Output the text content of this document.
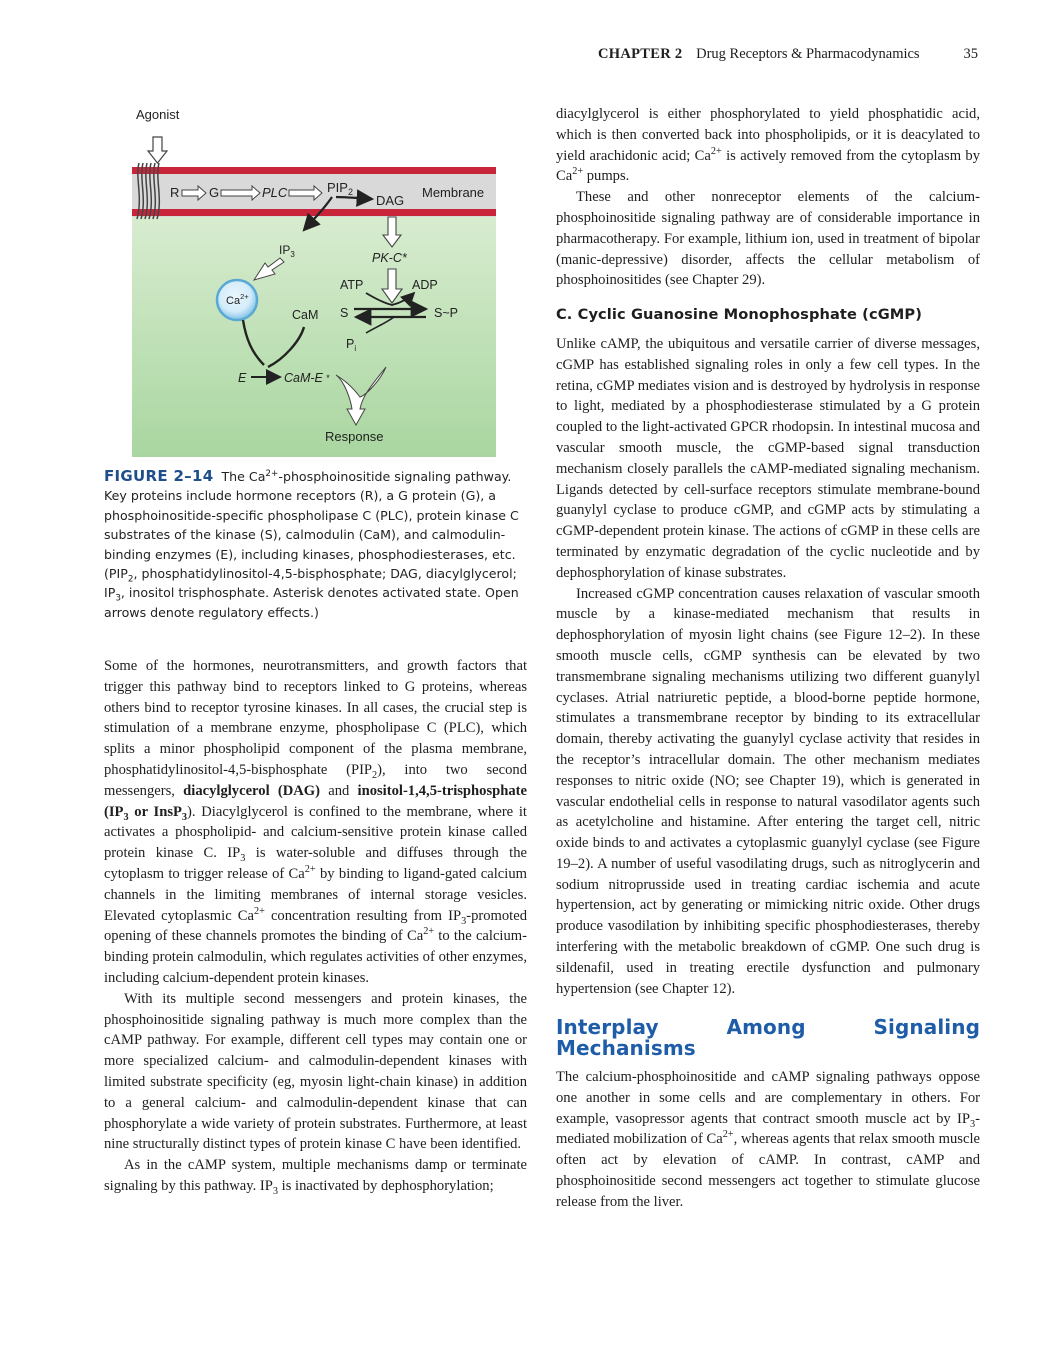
CHAPTER 2 Drug Receptors & Pharmacodynamics	35
Agonist
R G	PLC	$PIP_2$
DAG
Membrane
$IP_3$	PK-C*
ATP	ADP
S	S~P
$P_i$
$Ca^{2+}$
CaM
E	CaM-E *
Response
FIGURE 2–14 The $Ca^{2+}$-phosphoinositide signaling pathway. Key proteins include hormone receptors (R), a G protein (G), a phosphoinositide-specific phospholipase C (PLC), protein kinase C substrates of the kinase (S), calmodulin (CaM), and calmodulin-binding enzymes (E), including kinases, phosphodiesterases, etc. ($PIP_2$, phosphatidylinositol-4,5-bisphosphate; DAG, diacylglycerol; $IP_3$, inositol trisphosphate. Asterisk denotes activated state. Open arrows denote regulatory effects.)

Some of the hormones, neurotransmitters, and growth factors that trigger this pathway bind to receptors linked to G proteins, whereas others bind to receptor tyrosine kinases. In all cases, the crucial step is stimulation of a membrane enzyme, phospholipase C (PLC), which splits a minor phospholipid component of the plasma membrane, phosphatidylinositol-4,5-bisphosphate $(PIP_2)$, into two second messengers, diacylglycerol (DAG) and inositol-1,4,5-trisphosphate ($IP_3$ or InsP$_3$). Diacylglycerol is confined to the membrane, where it activates a phospholipid- and calcium-sensitive protein kinase called protein kinase C. $IP_3$ is water-soluble and diffuses through the cytoplasm to trigger release of $Ca^{2+}$ by binding to ligand-gated calcium channels in the limiting membranes of internal storage vesicles. Elevated cytoplasmic $Ca^{2+}$ concentration resulting from $IP_3$-promoted opening of these channels promotes the binding of $Ca^{2+}$ to the calcium-binding protein calmodulin, which regulates activities of other enzymes, including calcium-dependent protein kinases.

With its multiple second messengers and protein kinases, the phosphoinositide signaling pathway is much more complex than the cAMP pathway. For example, different cell types may contain one or more specialized calcium- and calmodulin-dependent kinases with limited substrate specificity (eg, myosin light-chain kinase) in addition to a general calcium- and calmodulin-dependent kinase that can phosphorylate a wide variety of protein substrates. Furthermore, at least nine structurally distinct types of protein kinase C have been identified.

As in the cAMP system, multiple mechanisms damp or terminate signaling by this pathway. $IP_3$ is inactivated by dephosphorylation;

diacylglycerol is either phosphorylated to yield phosphatidic acid, which is then converted back into phospholipids, or it is deacylated to yield arachidonic acid; $Ca^{2+}$ is actively removed from the cytoplasm by $Ca^{2+}$ pumps.

These and other nonreceptor elements of the calcium-phosphoinositide signaling pathway are of considerable importance in pharmacotherapy. For example, lithium ion, used in treatment of bipolar (manic-depressive) disorder, affects the cellular metabolism of phosphoinositides (see Chapter 29).

C. Cyclic Guanosine Monophosphate (cGMP)

Unlike cAMP, the ubiquitous and versatile carrier of diverse messages, cGMP has established signaling roles in only a few cell types. In the retina, cGMP mediates vision and is destroyed by hydrolysis in response to light, mediated by a phosphodiesterase stimulated by a G protein coupled to the light-activated GPCR rhodopsin. In intestinal mucosa and vascular smooth muscle, the cGMP-based signal transduction mechanism closely parallels the cAMP-mediated signaling mechanism. Ligands detected by cell-surface receptors stimulate membrane-bound guanylyl cyclase to produce cGMP, and cGMP acts by stimulating a cGMP-dependent protein kinase. The actions of cGMP in these cells are terminated by enzymatic degradation of the cyclic nucleotide and by dephosphorylation of kinase substrates.

Increased cGMP concentration causes relaxation of vascular smooth muscle by a kinase-mediated mechanism that results in dephosphorylation of myosin light chains (see Figure 12–2). In these smooth muscle cells, cGMP synthesis can be elevated by two transmembrane signaling mechanisms utilizing two different guanylyl cyclases. Atrial natriuretic peptide, a blood-borne peptide hormone, stimulates a transmembrane receptor by binding to its extracellular domain, thereby activating the guanylyl cyclase activity that resides in the receptor’s intracellular domain. The other mechanism mediates responses to nitric oxide (NO; see Chapter 19), which is generated in vascular endothelial cells in response to natural vasodilator agents such as acetylcholine and histamine. After entering the target cell, nitric oxide binds to and activates a cytoplasmic guanylyl cyclase (see Figure 19–2). A number of useful vasodilating drugs, such as nitroglycerin and sodium nitroprusside used in treating cardiac ischemia and acute hypertension, act by generating or mimicking nitric oxide. Other drugs produce vasodilation by inhibiting specific phosphodiesterases, thereby interfering with the metabolic breakdown of cGMP. One such drug is sildenafil, used in treating erectile dysfunction and pulmonary hypertension (see Chapter 12).

Interplay Among Signaling Mechanisms

The calcium-phosphoinositide and cAMP signaling pathways oppose one another in some cells and are complementary in others. For example, vasopressor agents that contract smooth muscle act by $IP_3$-mediated mobilization of $Ca^{2+}$, whereas agents that relax smooth muscle often act by elevation of cAMP. In contrast, cAMP and phosphoinositide second messengers act together to stimulate glucose release from the liver.
